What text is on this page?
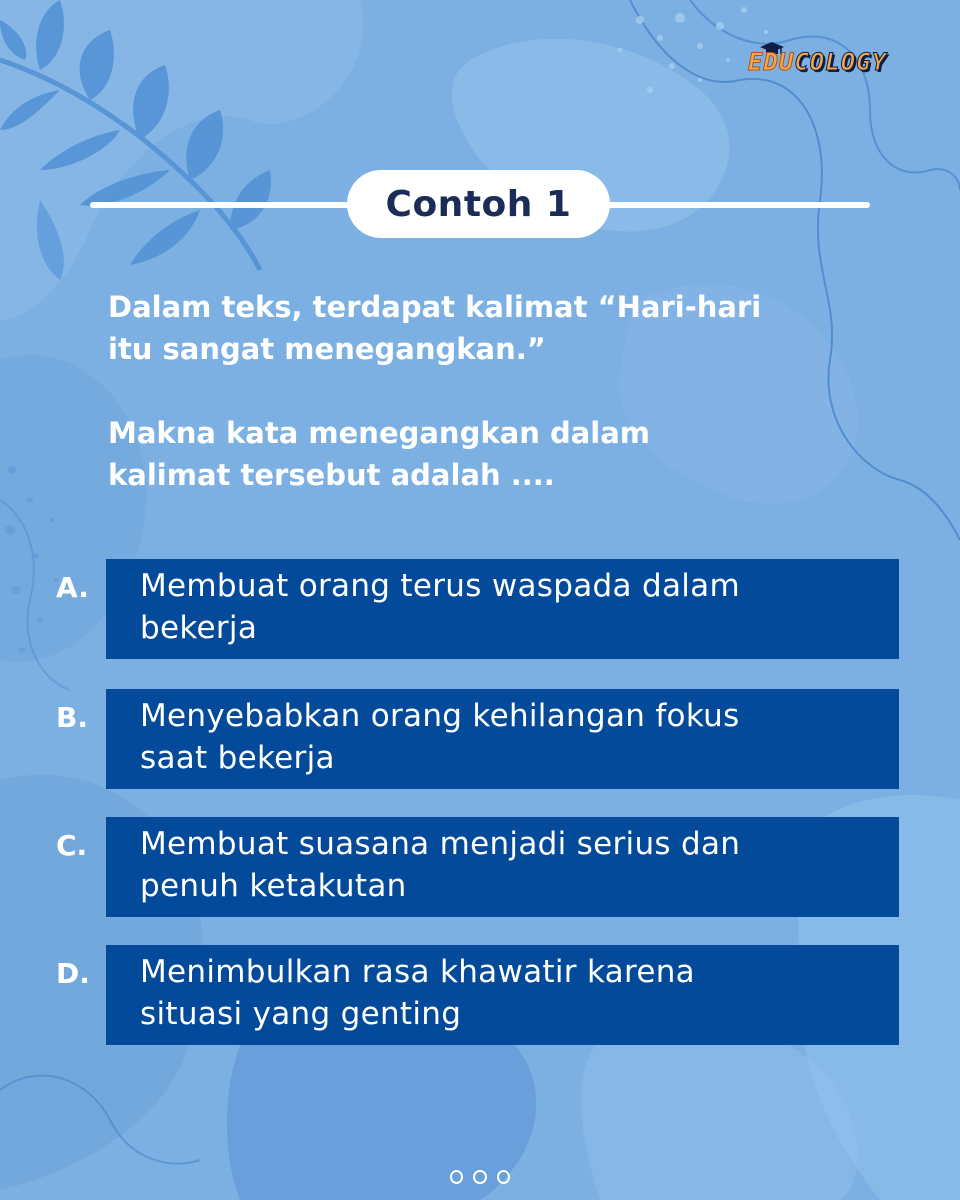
EDUCOLOGY
Contoh 1
Dalam teks, terdapat kalimat “Hari-hari
itu sangat menegangkan.”
Makna kata menegangkan dalam
kalimat tersebut adalah ....
A.	Membuat orang terus waspada dalam
bekerja
B.	Menyebabkan orang kehilangan fokus
saat bekerja
C.	Membuat suasana menjadi serius dan
penuh ketakutan
D.	Menimbulkan rasa khawatir karena
situasi yang genting
